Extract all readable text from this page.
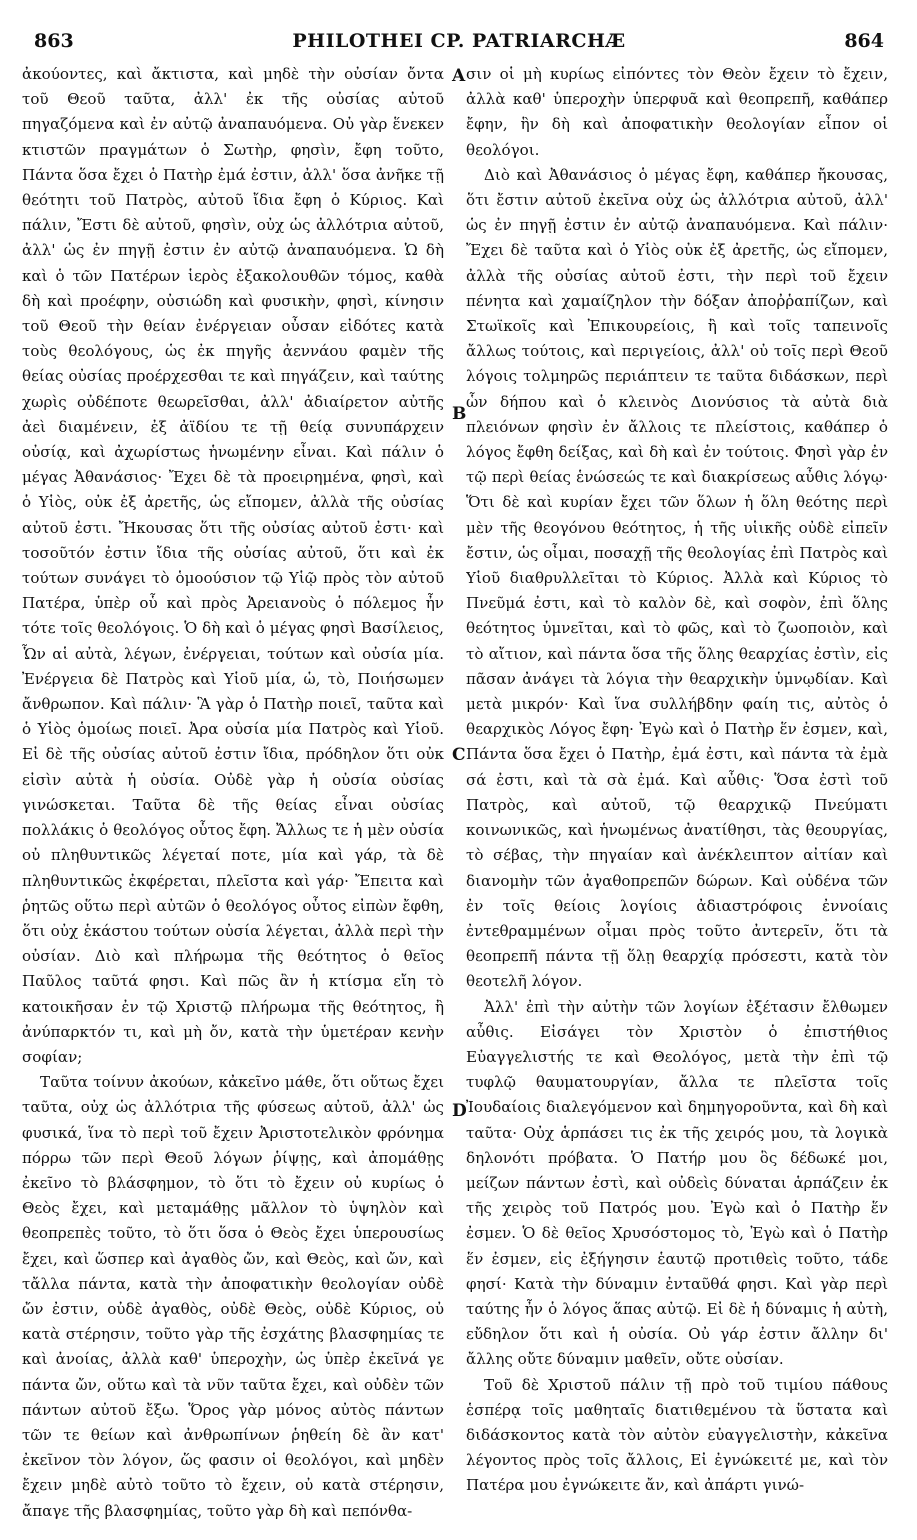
863	PHILOTHEI CP. PATRIARCHÆ	864

ἀκούοντες, καὶ ἄκτιστα, καὶ μηδὲ τὴν οὐσίαν ὄντα τοῦ Θεοῦ ταῦτα, ἀλλ' ἐκ τῆς οὐσίας αὐτοῦ πηγαζόμενα καὶ ἐν αὐτῷ ἀναπαυόμενα. Οὐ γὰρ ἕνεκεν κτιστῶν πραγμάτων ὁ Σωτὴρ, φησὶν, ἔφη τοῦτο, Πάντα ὅσα ἔχει ὁ Πατὴρ ἐμά ἐστιν, ἀλλ' ὅσα ἀνῆκε τῇ θεότητι τοῦ Πατρὸς, αὐτοῦ ἴδια ἔφη ὁ Κύριος. Καὶ πάλιν, Ἔστι δὲ αὐτοῦ, φησὶν, οὐχ ὡς ἀλλότρια αὐτοῦ, ἀλλ' ὡς ἐν πηγῇ ἐστιν ἐν αὐτῷ ἀναπαυόμενα. Ὡ δὴ καὶ ὁ τῶν Πατέρων ἱερὸς ἐξακολουθῶν τόμος, καθὰ δὴ καὶ προέφην, οὐσιώδη καὶ φυσικὴν, φησὶ, κίνησιν τοῦ Θεοῦ τὴν θείαν ἐνέργειαν οὖσαν εἰδότες κατὰ τοὺς θεολόγους, ὡς ἐκ πηγῆς ἀεννάου φαμὲν τῆς θείας οὐσίας προέρχεσθαι τε καὶ πηγάζειν, καὶ ταύτης χωρὶς οὐδέποτε θεωρεῖσθαι, ἀλλ' ἀδιαίρετον αὐτῆς ἀεὶ διαμένειν, ἐξ ἀϊδίου τε τῇ θείᾳ συνυπάρχειν οὐσίᾳ, καὶ ἀχωρίστως ἡνωμένην εἶναι. Καὶ πάλιν ὁ μέγας Ἀθανάσιος· Ἔχει δὲ τὰ προειρημένα, φησὶ, καὶ ὁ Υἱὸς, οὐκ ἐξ ἀρετῆς, ὡς εἴπομεν, ἀλλὰ τῆς οὐσίας αὐτοῦ ἐστι. Ἤκουσας ὅτι τῆς οὐσίας αὐτοῦ ἐστι· καὶ τοσοῦτόν ἐστιν ἴδια τῆς οὐσίας αὐτοῦ, ὅτι καὶ ἐκ τούτων συνάγει τὸ ὁμοούσιον τῷ Υἱῷ πρὸς τὸν αὐτοῦ Πατέρα, ὑπὲρ οὗ καὶ πρὸς Ἀρειανοὺς ὁ πόλεμος ἦν τότε τοῖς θεολόγοις. Ὁ δὴ καὶ ὁ μέγας φησὶ Βασίλειος, Ὧν αἱ αὐτὰ, λέγων, ἐνέργειαι, τούτων καὶ οὐσία μία. Ἐνέργεια δὲ Πατρὸς καὶ Υἱοῦ μία, ὡ, τὸ, Ποιήσωμεν ἄνθρωπον. Καὶ πάλιν· Ἃ γὰρ ὁ Πατὴρ ποιεῖ, ταῦτα καὶ ὁ Υἱὸς ὁμοίως ποιεῖ. Ἀρα οὐσία μία Πατρὸς καὶ Υἱοῦ. Εἰ δὲ τῆς οὐσίας αὐτοῦ ἐστιν ἴδια, πρόδηλον ὅτι οὐκ εἰσὶν αὐτὰ ἡ οὐσία. Οὐδὲ γὰρ ἡ οὐσία οὐσίας γινώσκεται. Ταῦτα δὲ τῆς θείας εἶναι οὐσίας πολλάκις ὁ θεολόγος οὗτος ἔφη. Ἄλλως τε ἡ μὲν οὐσία οὐ πληθυντικῶς λέγεταί ποτε, μία καὶ γάρ, τὰ δὲ πληθυντικῶς ἐκφέρεται, πλεῖστα καὶ γάρ· Ἔπειτα καὶ ῥητῶς οὕτω περὶ αὐτῶν ὁ θεολόγος οὗτος εἰπὼν ἔφθη, ὅτι οὐχ ἑκάστου τούτων οὐσία λέγεται, ἀλλὰ περὶ τὴν οὐσίαν. Διὸ καὶ πλήρωμα τῆς θεότητος ὁ θεῖος Παῦλος ταῦτά φησι. Καὶ πῶς ἂν ἡ κτίσμα εἴη τὸ κατοικῆσαν ἐν τῷ Χριστῷ πλήρωμα τῆς θεότητος, ἢ ἀνύπαρκτόν τι, καὶ μὴ ὄν, κατὰ τὴν ὑμετέραν κενὴν σοφίαν;

Ταῦτα τοίνυν ἀκούων, κἀκεῖνο μάθε, ὅτι οὕτως ἔχει ταῦτα, οὐχ ὡς ἀλλότρια τῆς φύσεως αὐτοῦ, ἀλλ' ὡς φυσικά, ἵνα τὸ περὶ τοῦ ἔχειν Ἀριστοτελικὸν φρόνημα πόρρω τῶν περὶ Θεοῦ λόγων ῥίψῃς, καὶ ἀπομάθῃς ἐκεῖνο τὸ βλάσφημον, τὸ ὅτι τὸ ἔχειν οὐ κυρίως ὁ Θεὸς ἔχει, καὶ μεταμάθῃς μᾶλλον τὸ ὑψηλὸν καὶ θεοπρεπὲς τοῦτο, τὸ ὅτι ὅσα ὁ Θεὸς ἔχει ὑπερουσίως ἔχει, καὶ ὥσπερ καὶ ἀγαθὸς ὤν, καὶ Θεὸς, καὶ ὤν, καὶ τἄλλα πάντα, κατὰ τὴν ἀποφατικὴν θεολογίαν οὐδὲ ὤν ἐστιν, οὐδὲ ἀγαθὸς, οὐδὲ Θεὸς, οὐδὲ Κύριος, οὐ κατὰ στέρησιν, τοῦτο γὰρ τῆς ἐσχάτης βλασφημίας τε καὶ ἀνοίας, ἀλλὰ καθ' ὑπεροχὴν, ὡς ὑπὲρ ἐκεῖνά γε πάντα ὤν, οὕτω καὶ τὰ νῦν ταῦτα ἔχει, καὶ οὐδὲν τῶν πάντων αὐτοῦ ἔξω. Ὅρος γὰρ μόνος αὐτὸς πάντων τῶν τε θείων καὶ ἀνθρωπίνων ῥηθείη δὲ ἂν κατ' ἐκεῖνον τὸν λόγον, ὥς φασιν οἱ θεολόγοι, καὶ μηδὲν ἔχειν μηδὲ αὐτὸ τοῦτο τὸ ἔχειν, οὐ κατὰ στέρησιν, ἄπαγε τῆς βλασφημίας, τοῦτο γὰρ δὴ καὶ πεπόνθα-

A
B
C
D

σιν οἱ μὴ κυρίως εἰπόντες τὸν Θεὸν ἔχειν τὸ ἔχειν, ἀλλὰ καθ' ὑπεροχὴν ὑπερφυᾶ καὶ θεοπρεπῆ, καθάπερ ἔφην, ἣν δὴ καὶ ἀποφατικὴν θεολογίαν εἶπον οἱ θεολόγοι.

Διὸ καὶ Ἀθανάσιος ὁ μέγας ἔφη, καθάπερ ἤκουσας, ὅτι ἔστιν αὐτοῦ ἐκεῖνα οὐχ ὡς ἀλλότρια αὐτοῦ, ἀλλ' ὡς ἐν πηγῇ ἐστιν ἐν αὐτῷ ἀναπαυόμενα. Καὶ πάλιν· Ἔχει δὲ ταῦτα καὶ ὁ Υἱὸς οὐκ ἐξ ἀρετῆς, ὡς εἴπομεν, ἀλλὰ τῆς οὐσίας αὐτοῦ ἐστι, τὴν περὶ τοῦ ἔχειν πένητα καὶ χαμαίζηλον τὴν δόξαν ἀποῤῥαπίζων, καὶ Στωϊκοῖς καὶ Ἐπικουρείοις, ἢ καὶ τοῖς ταπεινοῖς ἄλλως τούτοις, καὶ περιγείοις, ἀλλ' οὐ τοῖς περὶ Θεοῦ λόγοις τολμηρῶς περιάπτειν τε ταῦτα διδάσκων, περὶ ὧν δήπου καὶ ὁ κλεινὸς Διονύσιος τὰ αὐτὰ διὰ πλειόνων φησὶν ἐν ἄλλοις τε πλείστοις, καθάπερ ὁ λόγος ἔφθη δείξας, καὶ δὴ καὶ ἐν τούτοις. Φησὶ γὰρ ἐν τῷ περὶ θείας ἑνώσεώς τε καὶ διακρίσεως αὖθις λόγῳ· Ὅτι δὲ καὶ κυρίαν ἔχει τῶν ὅλων ἡ ὅλη θεότης περὶ μὲν τῆς θεογόνου θεότητος, ἡ τῆς υἱικῆς οὐδὲ εἰπεῖν ἔστιν, ὡς οἶμαι, ποσαχῇ τῆς θεολογίας ἐπὶ Πατρὸς καὶ Υἱοῦ διαθρυλλεῖται τὸ Κύριος. Ἀλλὰ καὶ Κύριος τὸ Πνεῦμά ἐστι, καὶ τὸ καλὸν δὲ, καὶ σοφὸν, ἐπὶ ὅλης θεότητος ὑμνεῖται, καὶ τὸ φῶς, καὶ τὸ ζωοποιὸν, καὶ τὸ αἴτιον, καὶ πάντα ὅσα τῆς ὅλης θεαρχίας ἐστὶν, εἰς πᾶσαν ἀνάγει τὰ λόγια τὴν θεαρχικὴν ὑμνῳδίαν. Καὶ μετὰ μικρόν· Καὶ ἵνα συλλήβδην φαίη τις, αὐτὸς ὁ θεαρχικὸς Λόγος ἔφη· Ἐγὼ καὶ ὁ Πατὴρ ἕν ἐσμεν, καὶ, Πάντα ὅσα ἔχει ὁ Πατὴρ, ἐμά ἐστι, καὶ πάντα τὰ ἐμὰ σά ἐστι, καὶ τὰ σὰ ἐμά. Καὶ αὖθις· Ὅσα ἐστὶ τοῦ Πατρὸς, καὶ αὐτοῦ, τῷ θεαρχικῷ Πνεύματι κοινωνικῶς, καὶ ἡνωμένως ἀνατίθησι, τὰς θεουργίας, τὸ σέβας, τὴν πηγαίαν καὶ ἀνέκλειπτον αἰτίαν καὶ διανομὴν τῶν ἀγαθοπρεπῶν δώρων. Καὶ οὐδένα τῶν ἐν τοῖς θείοις λογίοις ἀδιαστρόφοις ἐννοίαις ἐντεθραμμένων οἶμαι πρὸς τοῦτο ἀντερεῖν, ὅτι τὰ θεοπρεπῆ πάντα τῇ ὅλῃ θεαρχίᾳ πρόσεστι, κατὰ τὸν θεοτελῆ λόγον.

Ἀλλ' ἐπὶ τὴν αὐτὴν τῶν λογίων ἐξέτασιν ἔλθωμεν αὖθις. Εἰσάγει τὸν Χριστὸν ὁ ἐπιστήθιος Εὐαγγελιστής τε καὶ Θεολόγος, μετὰ τὴν ἐπὶ τῷ τυφλῷ θαυματουργίαν, ἄλλα τε πλεῖστα τοῖς Ἰουδαίοις διαλεγόμενον καὶ δημηγοροῦντα, καὶ δὴ καὶ ταῦτα· Οὐχ ἁρπάσει τις ἐκ τῆς χειρός μου, τὰ λογικὰ δηλονότι πρόβατα. Ὁ Πατήρ μου ὃς δέδωκέ μοι, μείζων πάντων ἐστὶ, καὶ οὐδεὶς δύναται ἁρπάζειν ἐκ τῆς χειρὸς τοῦ Πατρός μου. Ἐγὼ καὶ ὁ Πατὴρ ἕν ἐσμεν. Ὁ δὲ θεῖος Χρυσόστομος τὸ, Ἐγὼ καὶ ὁ Πατὴρ ἕν ἐσμεν, εἰς ἐξήγησιν ἑαυτῷ προτιθεὶς τοῦτο, τάδε φησί· Κατὰ τὴν δύναμιν ἐνταῦθά φησι. Καὶ γὰρ περὶ ταύτης ἦν ὁ λόγος ἅπας αὐτῷ. Εἰ δὲ ἡ δύναμις ἡ αὐτὴ, εὔδηλον ὅτι καὶ ἡ οὐσία. Οὐ γάρ ἐστιν ἄλλην δι' ἄλλης οὔτε δύναμιν μαθεῖν, οὔτε οὐσίαν.

Τοῦ δὲ Χριστοῦ πάλιν τῇ πρὸ τοῦ τιμίου πάθους ἑσπέρᾳ τοῖς μαθηταῖς διατιθεμένου τὰ ὕστατα καὶ διδάσκοντος κατὰ τὸν αὐτὸν εὐαγγελιστὴν, κἀκεῖνα λέγοντος πρὸς τοῖς ἄλλοις, Εἰ ἐγνώκειτέ με, καὶ τὸν Πατέρα μου ἐγνώκειτε ἄν, καὶ ἀπάρτι γινώ-
